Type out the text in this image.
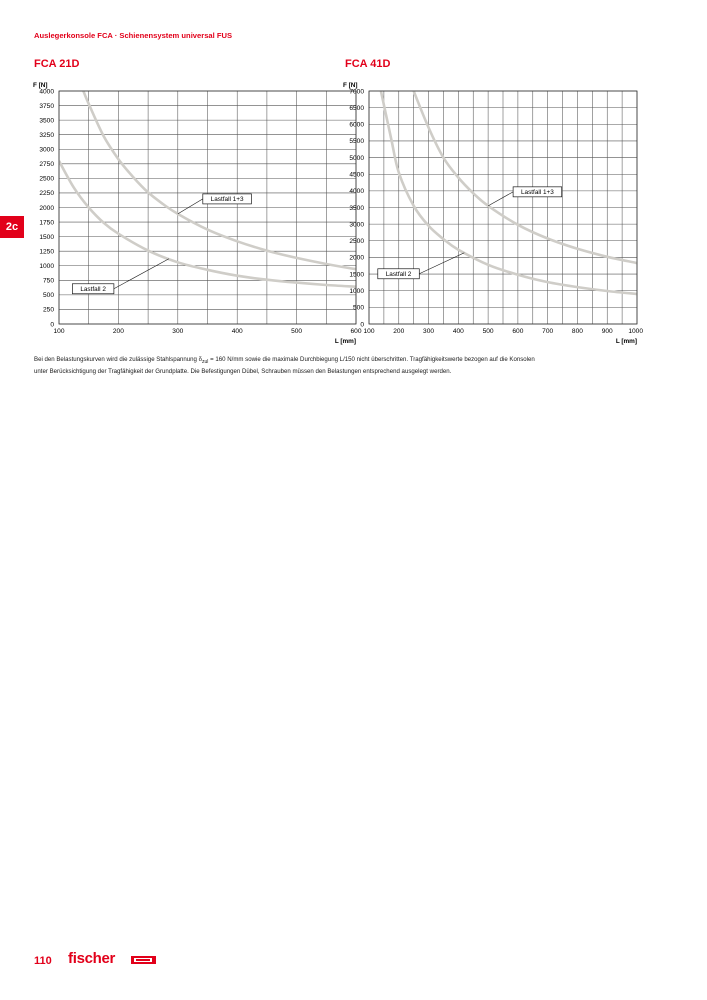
Auslegerkonsole FCA · Schienensystem universal FUS
2c
FCA 21D	FCA 41D
F [N]
0
250
500
750
1000
1250
1500
1750
2000
2250
2500
2750
3000
3250
3500
3750
4000
100	200	300	400	500	600
L [mm]
Lastfall 1+3
Lastfall 2
F [N]
0
500
1000
1500
2000
2500
3000
3500
4000
4500
5000
5500
6000
6500
7000
100	200	300	400	500	600	700	800	900 1000
L [mm]
Lastfall 1+3
Lastfall 2
Bei den Belastungskurven wird die zulässige Stahlspannung $\delta_{zul} = 160$ N/mm sowie die maximale Durchbiegung L/150 nicht überschritten. Tragfähigkeitswerte bezogen auf die Konsolen
unter Berücksichtigung der Tragfähigkeit der Grundplatte. Die Befestigungen Dübel, Schrauben müssen den Belastungen entsprechend ausgelegt werden.
110 fischer
